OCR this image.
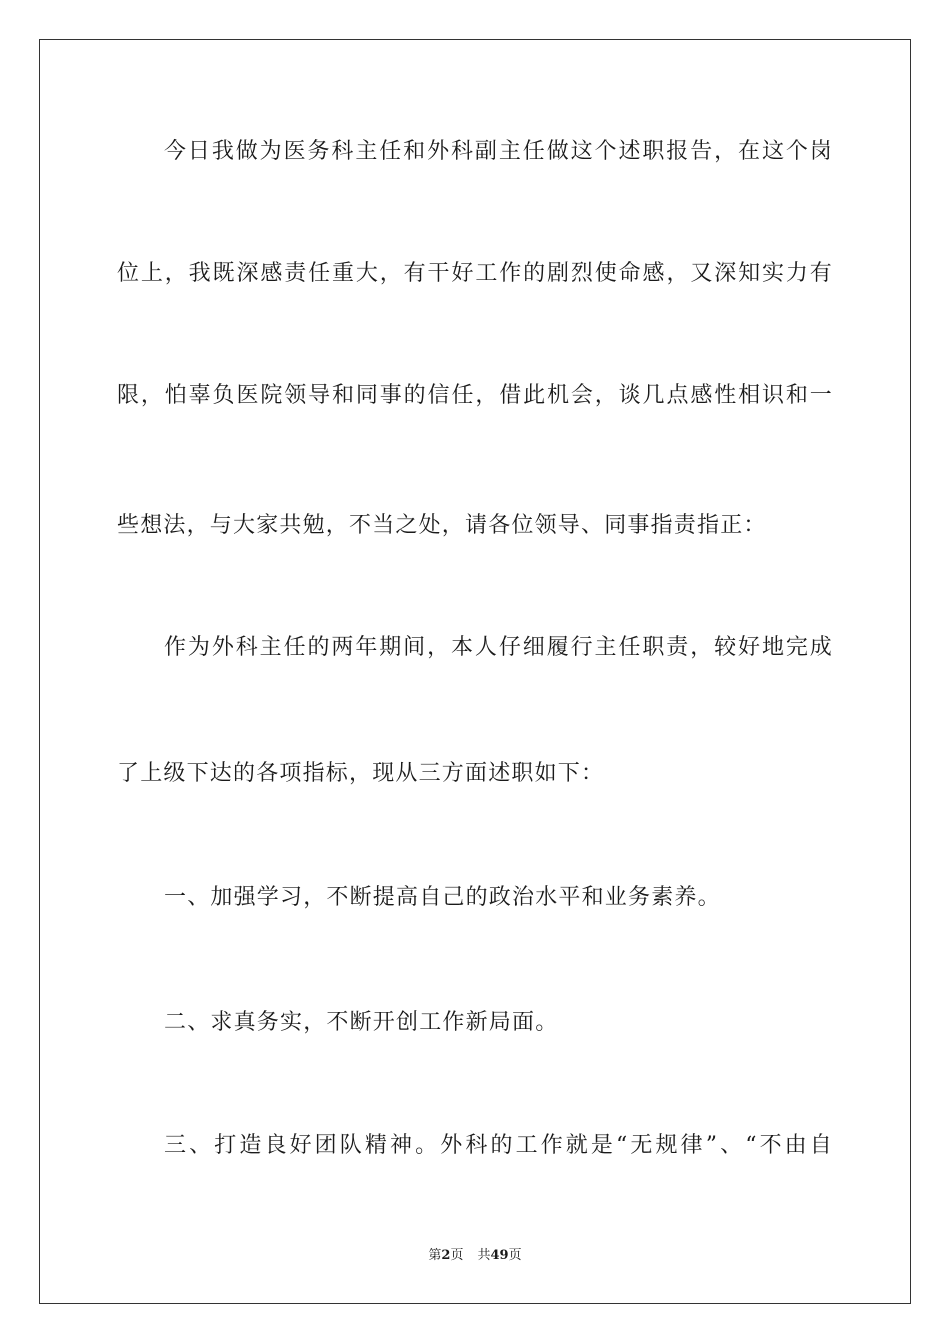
今日我做为医务科主任和外科副主任做这个述职报告，在这个岗
位上，我既深感责任重大，有干好工作的剧烈使命感，又深知实力有
限，怕辜负医院领导和同事的信任，借此机会，谈几点感性相识和一
些想法，与大家共勉，不当之处，请各位领导、同事指责指正：
作为外科主任的两年期间，本人仔细履行主任职责，较好地完成
了上级下达的各项指标，现从三方面述职如下：
一、加强学习，不断提高自己的政治水平和业务素养。
二、求真务实，不断开创工作新局面。
三、打造良好团队精神。外科的工作就是“无规律”、“不由自
第2页 共49页
